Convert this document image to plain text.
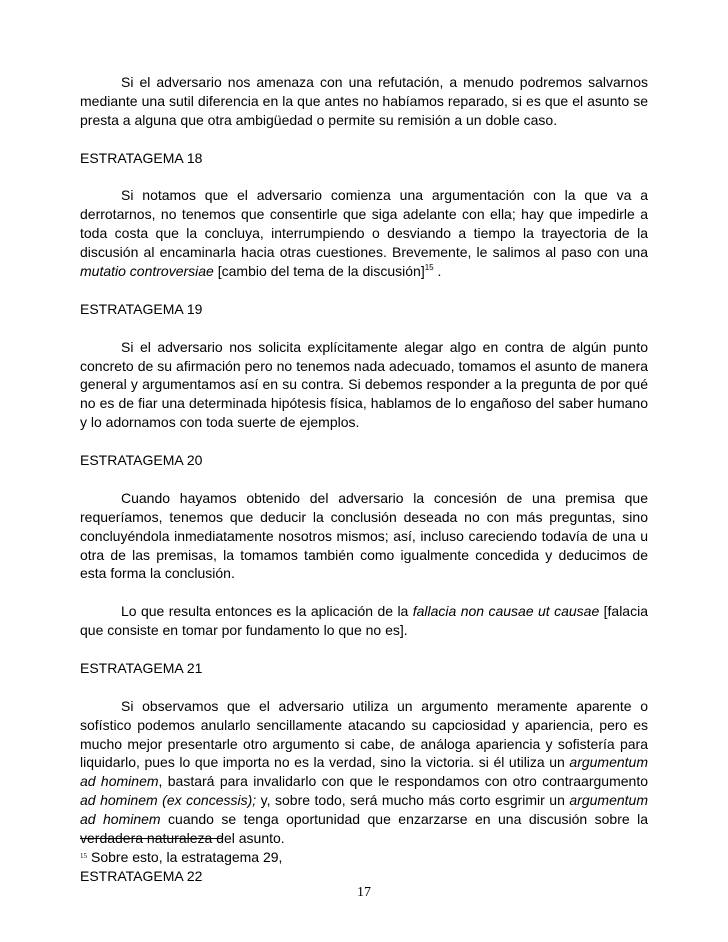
Si el adversario nos amenaza con una refutación, a menudo podremos salvarnos mediante una sutil diferencia en la que antes no habíamos reparado, si es que el asunto se presta a alguna que otra ambigüedad o permite su remisión a un doble caso.

ESTRATAGEMA 18

Si notamos que el adversario comienza una argumentación con la que va a derrotarnos, no tenemos que consentirle que siga adelante con ella; hay que impedirle a toda costa que la concluya, interrumpiendo o desviando a tiempo la trayectoria de la discusión al encaminarla hacia otras cuestiones. Brevemente, le salimos al paso con una mutatio controversiae [cambio del tema de la discusión]$^{15}$ .

ESTRATAGEMA 19

Si el adversario nos solicita explícitamente alegar algo en contra de algún punto concreto de su afirmación pero no tenemos nada adecuado, tomamos el asunto de manera general y argumentamos así en su contra. Si debemos responder a la pregunta de por qué no es de fiar una determinada hipótesis física, hablamos de lo engañoso del saber humano y lo adornamos con toda suerte de ejemplos.

ESTRATAGEMA 20

Cuando hayamos obtenido del adversario la concesión de una premisa que requeríamos, tenemos que deducir la conclusión deseada no con más preguntas, sino concluyéndola inmediatamente nosotros mismos; así, incluso careciendo todavía de una u otra de las premisas, la tomamos también como igualmente concedida y deducimos de esta forma la conclusión.

Lo que resulta entonces es la aplicación de la fallacia non causae ut causae [falacia que consiste en tomar por fundamento lo que no es].

ESTRATAGEMA 21

Si observamos que el adversario utiliza un argumento meramente aparente o sofístico podemos anularlo sencillamente atacando su capciosidad y apariencia, pero es mucho mejor presentarle otro argumento si cabe, de análoga apariencia y sofistería para liquidarlo, pues lo que importa no es la verdad, sino la victoria. si él utiliza un argumentum ad hominem, bastará para invalidarlo con que le respondamos con otro contraargumento ad hominem (ex concessis); y, sobre todo, será mucho más corto esgrimir un argumentum ad hominem cuando se tenga oportunidad que enzarzarse en una discusión sobre la verdadera naturaleza del asunto.

ESTRATAGEMA 22

$^{15}$ Sobre esto, la estratagema 29,
17
